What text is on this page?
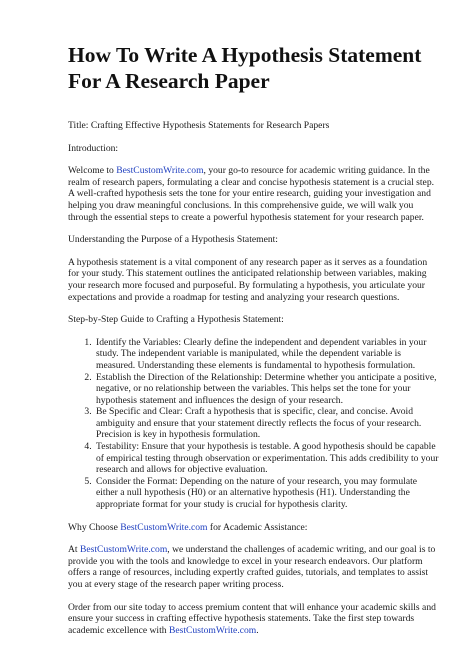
How To Write A Hypothesis Statement For A Research Paper

Title: Crafting Effective Hypothesis Statements for Research Papers

Introduction:

Welcome to BestCustomWrite.com, your go-to resource for academic writing guidance. In the realm of research papers, formulating a clear and concise hypothesis statement is a crucial step. A well-crafted hypothesis sets the tone for your entire research, guiding your investigation and helping you draw meaningful conclusions. In this comprehensive guide, we will walk you through the essential steps to create a powerful hypothesis statement for your research paper.

Understanding the Purpose of a Hypothesis Statement:

A hypothesis statement is a vital component of any research paper as it serves as a foundation for your study. This statement outlines the anticipated relationship between variables, making your research more focused and purposeful. By formulating a hypothesis, you articulate your expectations and provide a roadmap for testing and analyzing your research questions.

Step-by-Step Guide to Crafting a Hypothesis Statement:

1. Identify the Variables: Clearly define the independent and dependent variables in your study. The independent variable is manipulated, while the dependent variable is measured. Understanding these elements is fundamental to hypothesis formulation.
2. Establish the Direction of the Relationship: Determine whether you anticipate a positive, negative, or no relationship between the variables. This helps set the tone for your hypothesis statement and influences the design of your research.
3. Be Specific and Clear: Craft a hypothesis that is specific, clear, and concise. Avoid ambiguity and ensure that your statement directly reflects the focus of your research. Precision is key in hypothesis formulation.
4. Testability: Ensure that your hypothesis is testable. A good hypothesis should be capable of empirical testing through observation or experimentation. This adds credibility to your research and allows for objective evaluation.
5. Consider the Format: Depending on the nature of your research, you may formulate either a null hypothesis (H0) or an alternative hypothesis (H1). Understanding the appropriate format for your study is crucial for hypothesis clarity.

Why Choose BestCustomWrite.com for Academic Assistance:

At BestCustomWrite.com, we understand the challenges of academic writing, and our goal is to provide you with the tools and knowledge to excel in your research endeavors. Our platform offers a range of resources, including expertly crafted guides, tutorials, and templates to assist you at every stage of the research paper writing process.

Order from our site today to access premium content that will enhance your academic skills and ensure your success in crafting effective hypothesis statements. Take the first step towards academic excellence with BestCustomWrite.com.
